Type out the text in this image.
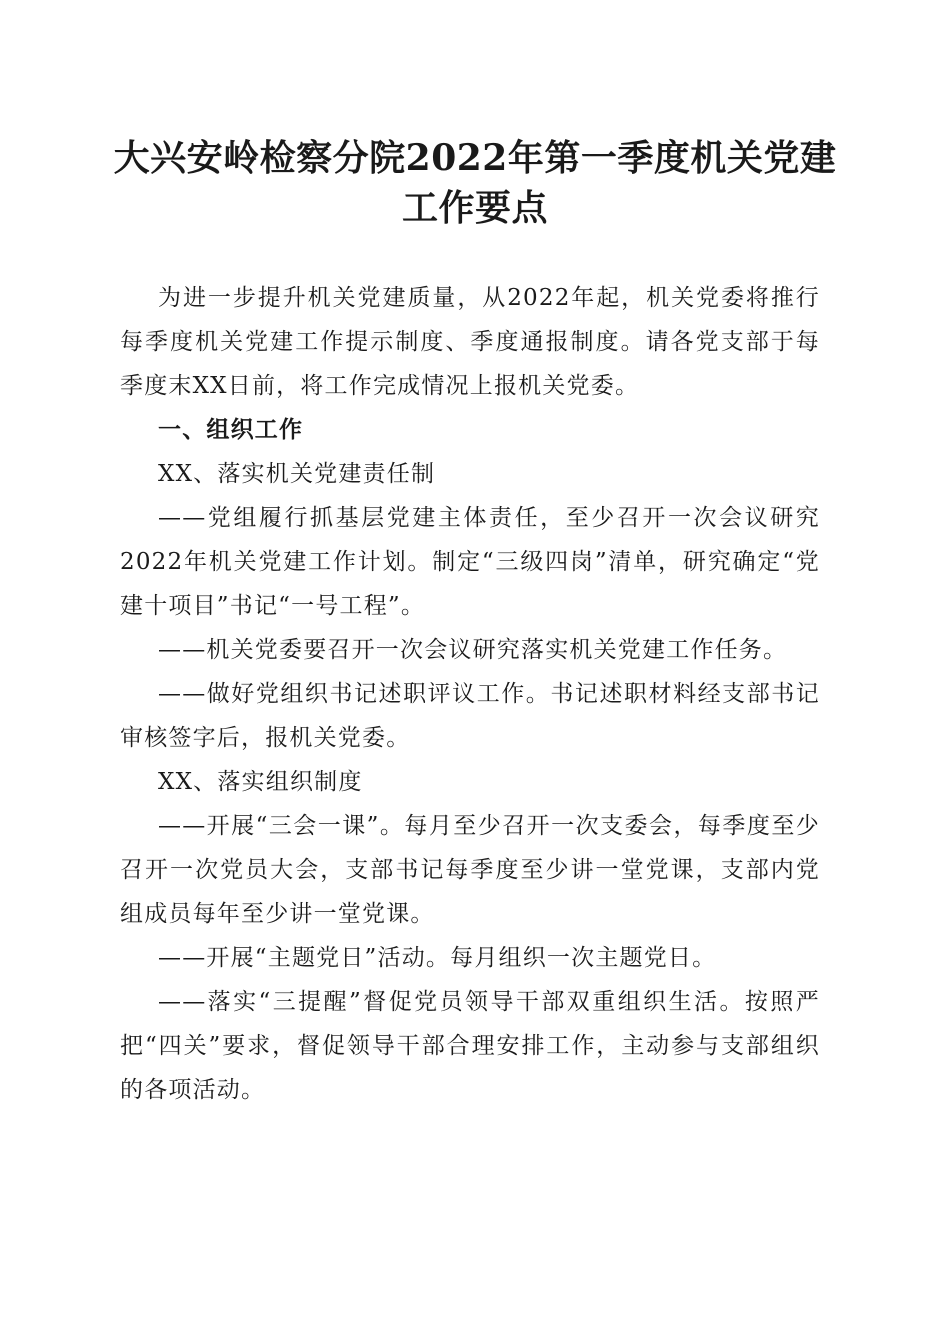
大兴安岭检察分院2022年第一季度机关党建
工作要点

为进一步提升机关党建质量，从2022年起，机关党委将推行每季度机关党建工作提示制度、季度通报制度。请各党支部于每季度末XX日前，将工作完成情况上报机关党委。

一、组织工作

XX、落实机关党建责任制

——党组履行抓基层党建主体责任，至少召开一次会议研究2022年机关党建工作计划。制定“三级四岗”清单，研究确定“党建十项目”书记“一号工程”。

——机关党委要召开一次会议研究落实机关党建工作任务。

——做好党组织书记述职评议工作。书记述职材料经支部书记审核签字后，报机关党委。

XX、落实组织制度

——开展“三会一课”。每月至少召开一次支委会，每季度至少召开一次党员大会，支部书记每季度至少讲一堂党课，支部内党组成员每年至少讲一堂党课。

——开展“主题党日”活动。每月组织一次主题党日。

——落实“三提醒”督促党员领导干部双重组织生活。按照严把“四关”要求，督促领导干部合理安排工作，主动参与支部组织的各项活动。
